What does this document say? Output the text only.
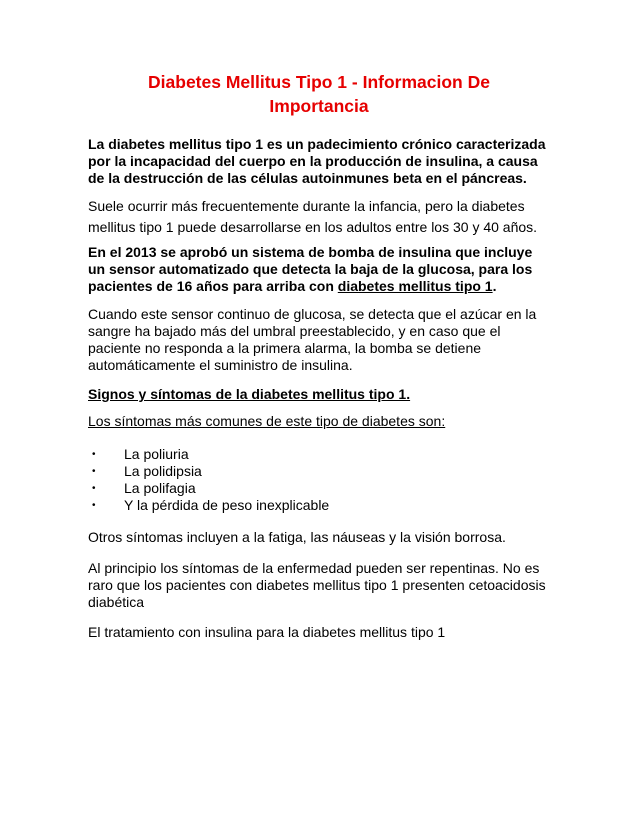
Diabetes Mellitus Tipo 1 - Informacion De Importancia

La diabetes mellitus tipo 1 es un padecimiento crónico caracterizada por la incapacidad del cuerpo en la producción de insulina, a causa de la destrucción de las células autoinmunes beta en el páncreas.

Suele ocurrir más frecuentemente durante la infancia, pero la diabetes mellitus tipo 1 puede desarrollarse en los adultos entre los 30 y 40 años.

En el 2013 se aprobó un sistema de bomba de insulina que incluye un sensor automatizado que detecta la baja de la glucosa, para los pacientes de 16 años para arriba con diabetes mellitus tipo 1.

Cuando este sensor continuo de glucosa, se detecta que el azúcar en la sangre ha bajado más del umbral preestablecido, y en caso que el paciente no responda a la primera alarma, la bomba se detiene automáticamente el suministro de insulina.

Signos y síntomas de la diabetes mellitus tipo 1.

Los síntomas más comunes de este tipo de diabetes son:

• La poliuria
• La polidipsia
• La polifagia
• Y la pérdida de peso inexplicable

Otros síntomas incluyen a la fatiga, las náuseas y la visión borrosa.

Al principio los síntomas de la enfermedad pueden ser repentinas. No es raro que los pacientes con diabetes mellitus tipo 1 presenten cetoacidosis diabética

El tratamiento con insulina para la diabetes mellitus tipo 1
